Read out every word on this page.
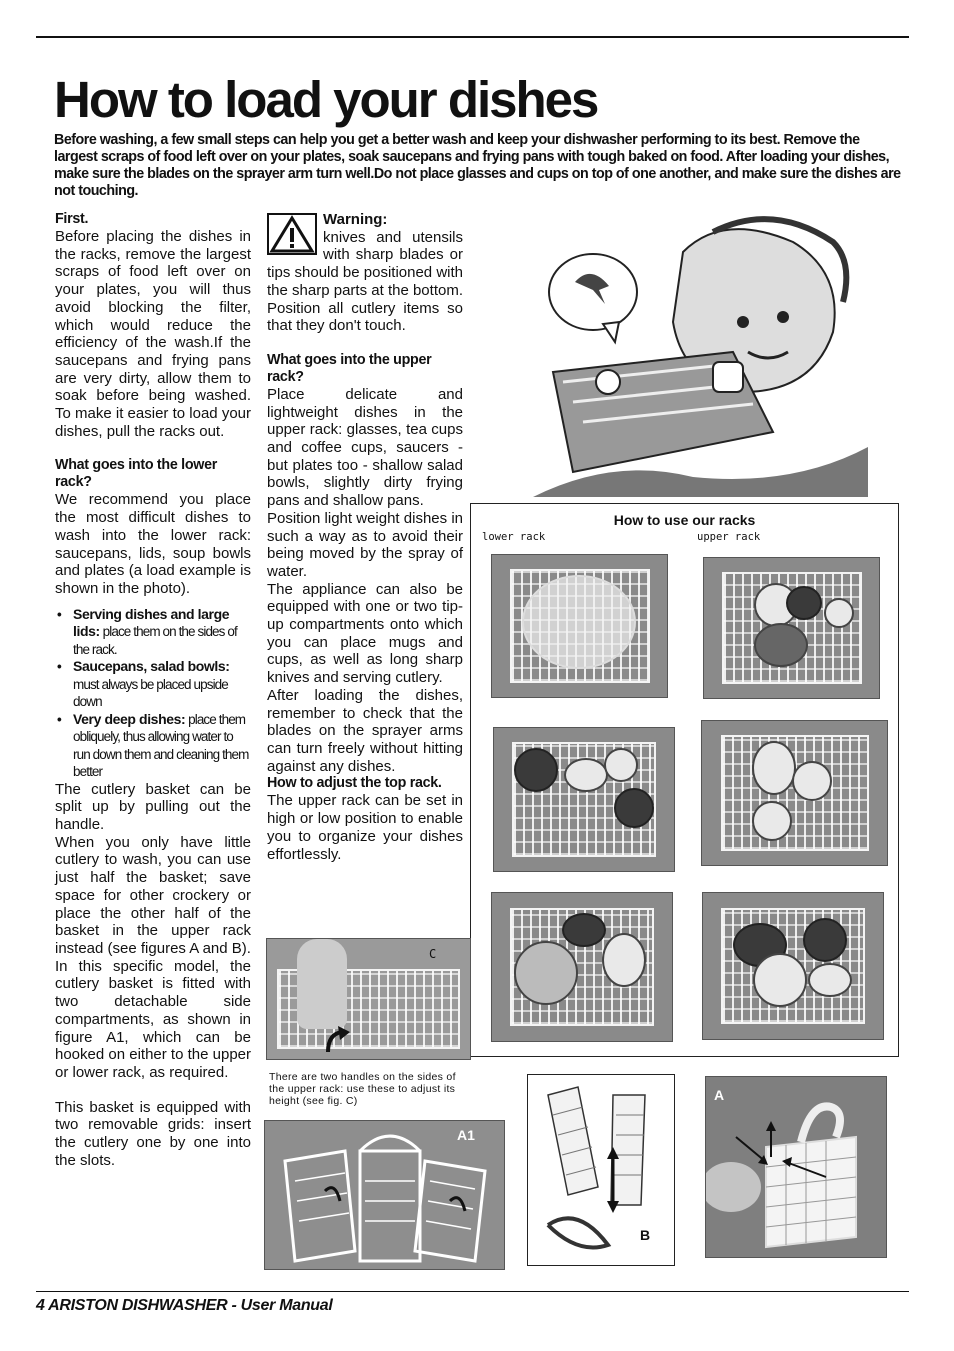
How to load your dishes

Before washing, a few small steps can help you get a better wash and keep your dishwasher performing to its best. Remove the largest scraps of food left over on your plates, soak saucepans and frying pans with tough baked on food. After loading your dishes, make sure the blades on the sprayer arm turn well.Do not place glasses and cups on top of one another, and make sure the dishes are not touching.

First.

Before placing the dishes in the racks, remove the largest scraps of food left over on your plates, you will thus avoid blocking the filter, which would reduce the efficiency of the wash.If the saucepans and frying pans are very dirty, allow them to soak before being washed. To make it easier to load your dishes, pull the racks out.

What goes into the lower rack?

We recommend you place the most difficult dishes to wash into the lower rack: saucepans, lids, soup bowls and plates (a load example is shown in the photo).

• Serving dishes and large lids: place them on the sides of the rack.
• Saucepans, salad bowls: must always be placed upside down
• Very deep dishes: place them obliquely, thus allowing water to run down them and cleaning them better

The cutlery basket can be split up by pulling out the handle.

When you only have little cutlery to wash, you can use just half the basket; save space for other crockery or place the other half of the basket in the upper rack instead (see figures A and B).

In this specific model, the cutlery basket is fitted with two detachable side compartments, as shown in figure A1, which can be hooked on either to the upper or lower rack, as required.

This basket is equipped with two removable grids: insert the cutlery one by one into the slots.

Warning:

knives and utensils with sharp blades or tips should be positioned with the sharp parts at the bottom. Position all cutlery items so that they don't touch.

What goes into the upper rack?

Place delicate and lightweight dishes in the upper rack: glasses, tea cups and coffee cups, saucers - but plates too - shallow salad bowls, slightly dirty frying pans and shallow pans.

Position light weight dishes in such a way as to avoid their being moved by the spray of water.

The appliance can also be equipped with one or two tip-up compartments onto which you can place mugs and cups, as well as long sharp knives and serving cutlery.

After loading the dishes, remember to check that the blades on the sprayer arms can turn freely without hitting against any dishes.

How to adjust the top rack.

The upper rack can be set in high or low position to enable you to organize your dishes effortlessly.

How to use our racks
lower rack	upper rack
C
There are two handles on the sides of the upper rack: use these to adjust its height (see fig. C)
A1
B
A
4 ARISTON DISHWASHER - User Manual
